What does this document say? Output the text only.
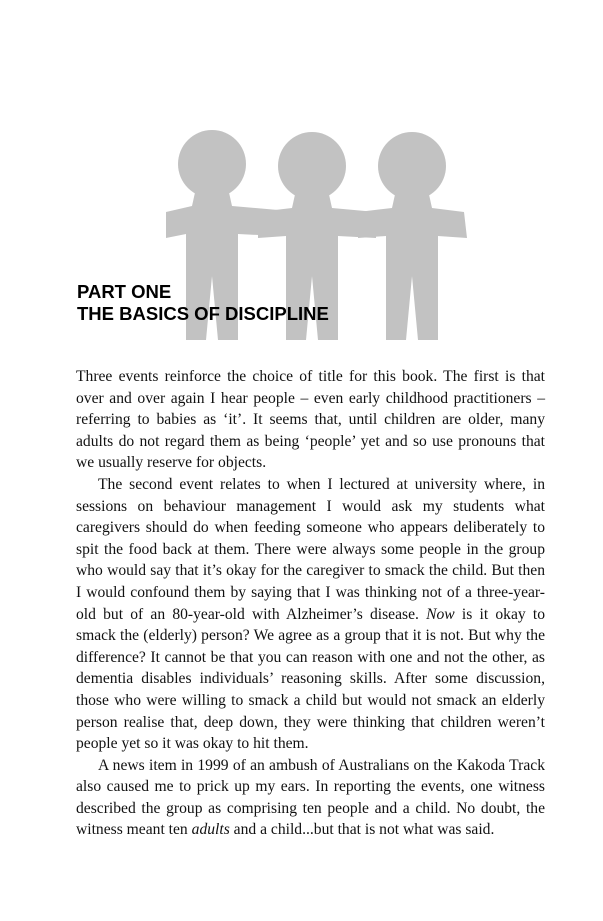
PART ONE
THE BASICS OF DISCIPLINE

Three events reinforce the choice of title for this book. The first is that over and over again I hear people – even early childhood practitioners – referring to babies as ‘it’. It seems that, until children are older, many adults do not regard them as being ‘people’ yet and so use pronouns that we usually reserve for objects.

The second event relates to when I lectured at university where, in sessions on behaviour management I would ask my students what caregivers should do when feeding someone who appears deliberately to spit the food back at them. There were always some people in the group who would say that it’s okay for the caregiver to smack the child. But then I would confound them by saying that I was thinking not of a three-year-old but of an 80-year-old with Alzheimer’s disease. Now is it okay to smack the (elderly) person? We agree as a group that it is not. But why the difference? It cannot be that you can reason with one and not the other, as dementia disables individuals’ reasoning skills. After some discussion, those who were willing to smack a child but would not smack an elderly person realise that, deep down, they were thinking that children weren’t people yet so it was okay to hit them.

A news item in 1999 of an ambush of Australians on the Kakoda Track also caused me to prick up my ears. In reporting the events, one witness described the group as comprising ten people and a child. No doubt, the witness meant ten adults and a child...but that is not what was said.
